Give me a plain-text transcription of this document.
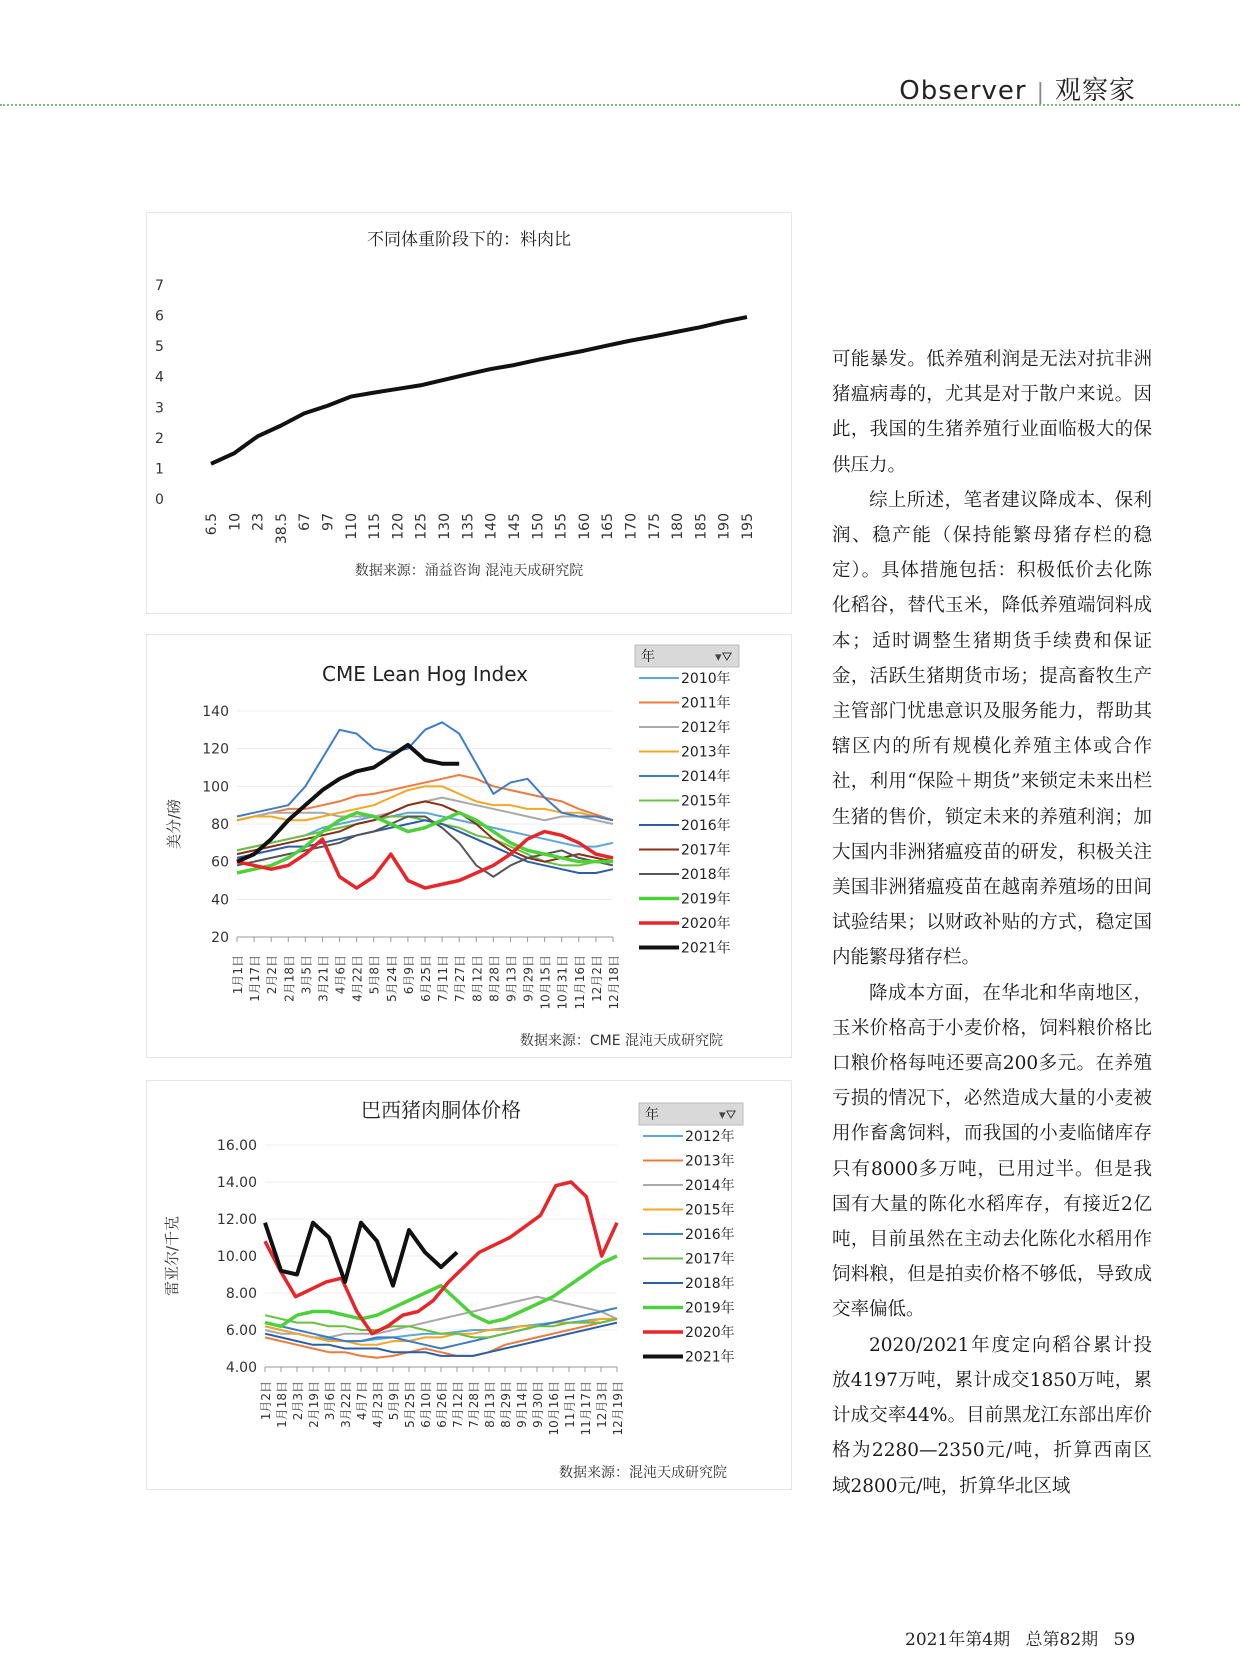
Observer | 观察家
不同体重阶段下的：料肉比
0
1
2
3
4
5
6
7
6.5 10 23 38.5 67 97 110 115 120 125 130 135 140 145 150 155 160 165 170 175 180 185 190 195
数据来源：涌益咨询 混沌天成研究院
CME Lean Hog Index
20
40
60
80
100
120
140
美分/磅
1月1日 1月17日 2月2日 2月18日 3月5日 3月21日 4月6日 4月22日 5月8日 5月24日 6月9日 6月25日 7月11日 7月27日 8月12日 8月28日 9月13日 9月29日 10月15日 10月31日 11月16日 12月2日 12月18日
年	▾⛛
2010年
2011年
2012年
2013年
2014年
2015年
2016年
2017年
2018年
2019年
2020年
2021年
数据来源：CME 混沌天成研究院
巴西猪肉胴体价格
4.00
6.00
8.00
10.00
12.00
14.00
16.00
雷亚尔/千克
1月2日 1月18日 2月3日 2月19日 3月6日 3月22日 4月7日 4月23日 5月9日 5月25日 6月10日 6月26日 7月12日 7月28日 8月13日 8月29日 9月14日 9月30日 10月16日 11月1日 11月17日 12月3日 12月19日
年	▾⛛
2012年
2013年
2014年
2015年
2016年
2017年
2018年
2019年
2020年
2021年
数据来源：混沌天成研究院

可能暴发。低养殖利润是无法对抗非洲猪瘟病毒的，尤其是对于散户来说。因此，我国的生猪养殖行业面临极大的保供压力。

综上所述，笔者建议降成本、保利润、稳产能（保持能繁母猪存栏的稳定）。具体措施包括：积极低价去化陈化稻谷，替代玉米，降低养殖端饲料成本；适时调整生猪期货手续费和保证金，活跃生猪期货市场；提高畜牧生产主管部门忧患意识及服务能力，帮助其辖区内的所有规模化养殖主体或合作社，利用“保险＋期货”来锁定未来出栏生猪的售价，锁定未来的养殖利润；加大国内非洲猪瘟疫苗的研发，积极关注美国非洲猪瘟疫苗在越南养殖场的田间试验结果；以财政补贴的方式，稳定国内能繁母猪存栏。

降成本方面，在华北和华南地区，玉米价格高于小麦价格，饲料粮价格比口粮价格每吨还要高200多元。在养殖亏损的情况下，必然造成大量的小麦被用作畜禽饲料，而我国的小麦临储库存只有8000多万吨，已用过半。但是我国有大量的陈化水稻库存，有接近2亿吨，目前虽然在主动去化陈化水稻用作饲料粮，但是拍卖价格不够低，导致成交率偏低。

2020/2021年度定向稻谷累计投放4197万吨，累计成交1850万吨，累计成交率44%。目前黑龙江东部出库价格为2280—2350元/吨，折算西南区域2800元/吨，折算华北区域

2021年第4期 总第82期 59
